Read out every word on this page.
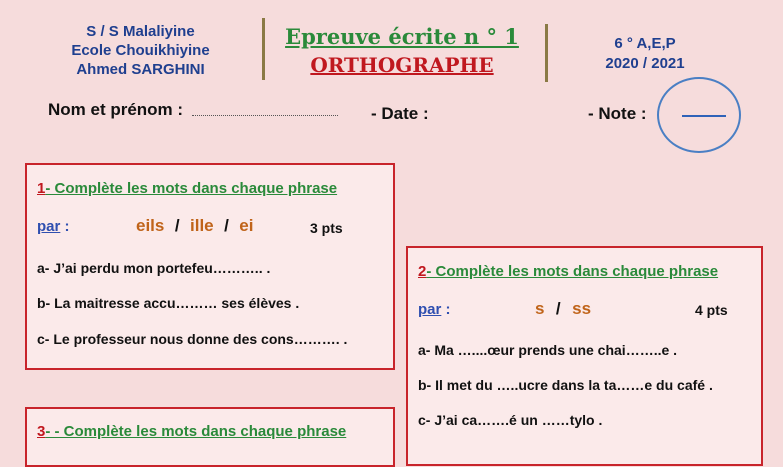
S / S Malaliyine
Ecole Chouikhiyine
Ahmed SARGHINI
Epreuve écrite n ° 1
ORTHOGRAPHE
6 ° A,E,P
2020 / 2021
Nom et prénom :	- Date :	- Note :
1- Complète les mots dans chaque phrase
par :	eils / ille / ei	3 pts
a- J’ai perdu mon portefeu……….. .
b- La maitresse accu……… ses élèves .
c- Le professeur nous donne des cons………. .
2- Complète les mots dans chaque phrase
par :	s / ss	4 pts
a- Ma …....œur prends une chai……..e .
b- Il met du …..ucre dans la ta……e du café .
c- J’ai ca…….é un ……tylo .
3- - Complète les mots dans chaque phrase
